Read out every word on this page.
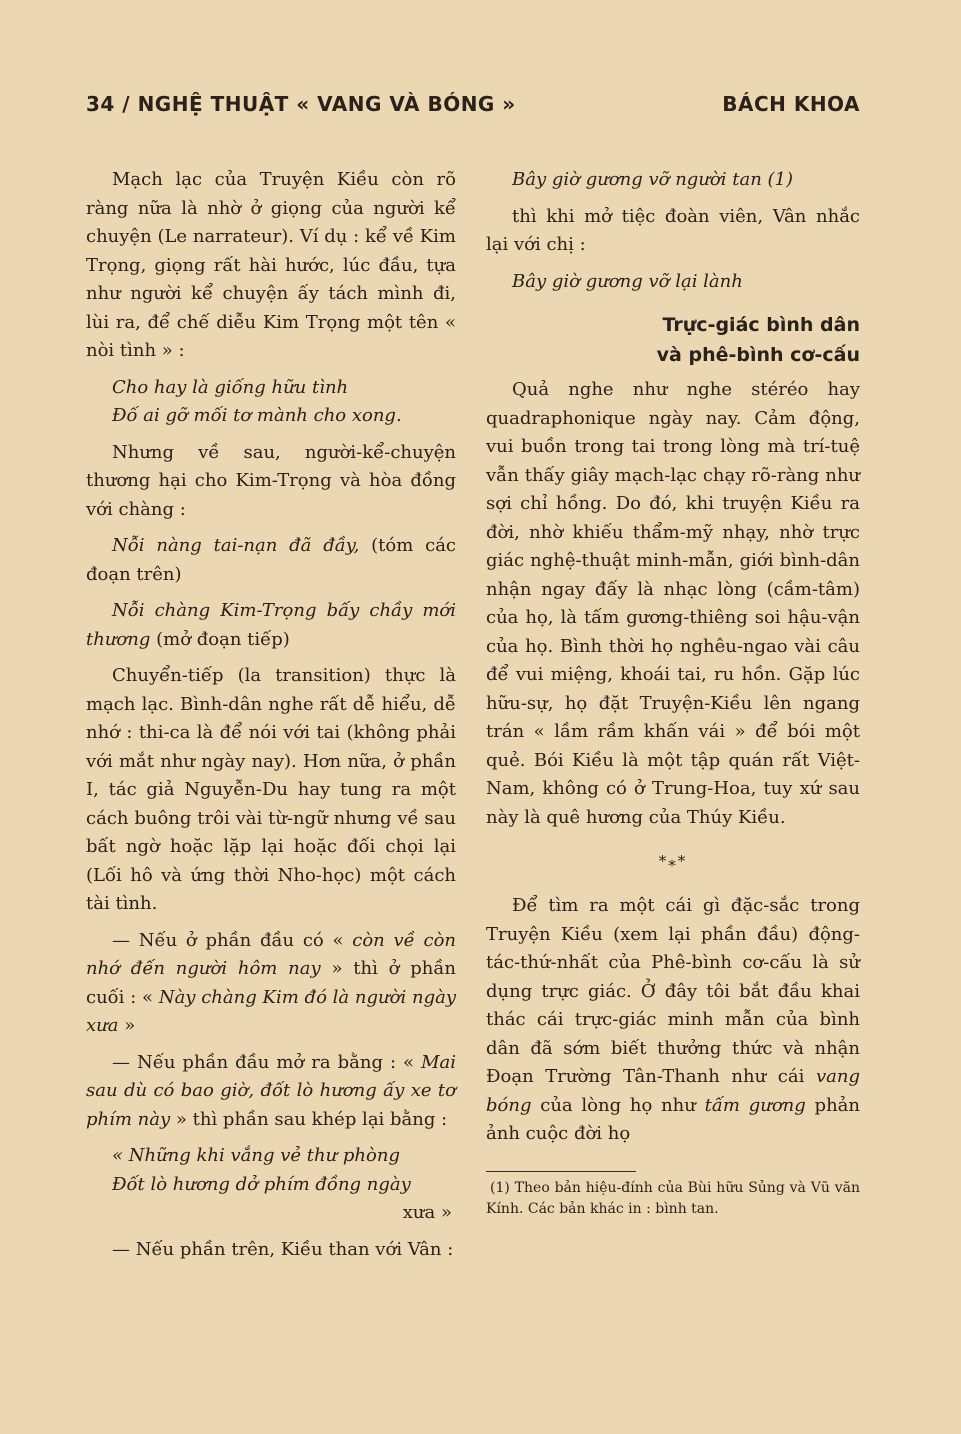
34 / NGHỆ THUẬT « VANG VÀ BÓNG »	BÁCH KHOA

Mạch lạc của Truyện Kiều còn rõ ràng nữa là nhờ ở giọng của người kể chuyện (Le narrateur). Ví dụ : kể về Kim Trọng, giọng rất hài hước, lúc đầu, tựa như người kể chuyện ấy tách mình đi, lùi ra, để chế diễu Kim Trọng một tên « nòi tình » :

Cho hay là giống hữu tình

Đố ai gỡ mối tơ mành cho xong.

Nhưng về sau, người-kể-chuyện thương hại cho Kim-Trọng và hòa đồng với chàng :

Nỗi nàng tai-nạn đã đầy, (tóm các đoạn trên)

Nỗi chàng Kim-Trọng bấy chầy mới thương (mở đoạn tiếp)

Chuyển-tiếp (la transition) thực là mạch lạc. Bình-dân nghe rất dễ hiểu, dễ nhớ : thi-ca là để nói với tai (không phải với mắt như ngày nay). Hơn nữa, ở phần I, tác giả Nguyễn-Du hay tung ra một cách buông trôi vài từ-ngữ nhưng về sau bất ngờ hoặc lặp lại hoặc đối chọi lại (Lối hô và ứng thời Nho-học) một cách tài tình.

— Nếu ở phần đầu có « còn về còn nhớ đến người hôm nay » thì ở phần cuối : « Này chàng Kim đó là người ngày xưa »

— Nếu phần đầu mở ra bằng : « Mai sau dù có bao giờ, đốt lò hương ấy xe tơ phím này » thì phần sau khép lại bằng :

« Những khi vắng vẻ thư phòng

Đốt lò hương dở phím đồng ngày

xưa »

— Nếu phần trên, Kiều than với Vân :

Bây giờ gương vỡ người tan (1)

thì khi mở tiệc đoàn viên, Vân nhắc lại với chị :

Bây giờ gương vỡ lại lành

Trực-giác bình dân
và phê-bình cơ-cấu

Quả nghe như nghe stéréo hay quadraphonique ngày nay. Cảm động, vui buồn trong tai trong lòng mà trí-tuệ vẫn thấy giây mạch-lạc chạy rõ-ràng như sợi chỉ hồng. Do đó, khi truyện Kiều ra đời, nhờ khiếu thẩm-mỹ nhạy, nhờ trực giác nghệ-thuật minh-mẫn, giới bình-dân nhận ngay đấy là nhạc lòng (cầm-tâm) của họ, là tấm gương-thiêng soi hậu-vận của họ. Bình thời họ nghêu-ngao vài câu để vui miệng, khoái tai, ru hồn. Gặp lúc hữu-sự, họ đặt Truyện-Kiều lên ngang trán « lầm rầm khấn vái » để bói một quẻ. Bói Kiều là một tập quán rất Việt-Nam, không có ở Trung-Hoa, tuy xứ sau này là quê hương của Thúy Kiều.

*⁎*

Để tìm ra một cái gì đặc-sắc trong Truyện Kiều (xem lại phần đầu) động-tác-thứ-nhất của Phê-bình cơ-cấu là sử dụng trực giác. Ở đây tôi bắt đầu khai thác cái trực-giác minh mẫn của bình dân đã sớm biết thưởng thức và nhận Đoạn Trường Tân-Thanh như cái vang bóng của lòng họ như tấm gương phản ảnh cuộc đời họ

(1) Theo bản hiệu-đính của Bùi hữu Sủng và Vũ văn Kính. Các bản khác in : bình tan.
